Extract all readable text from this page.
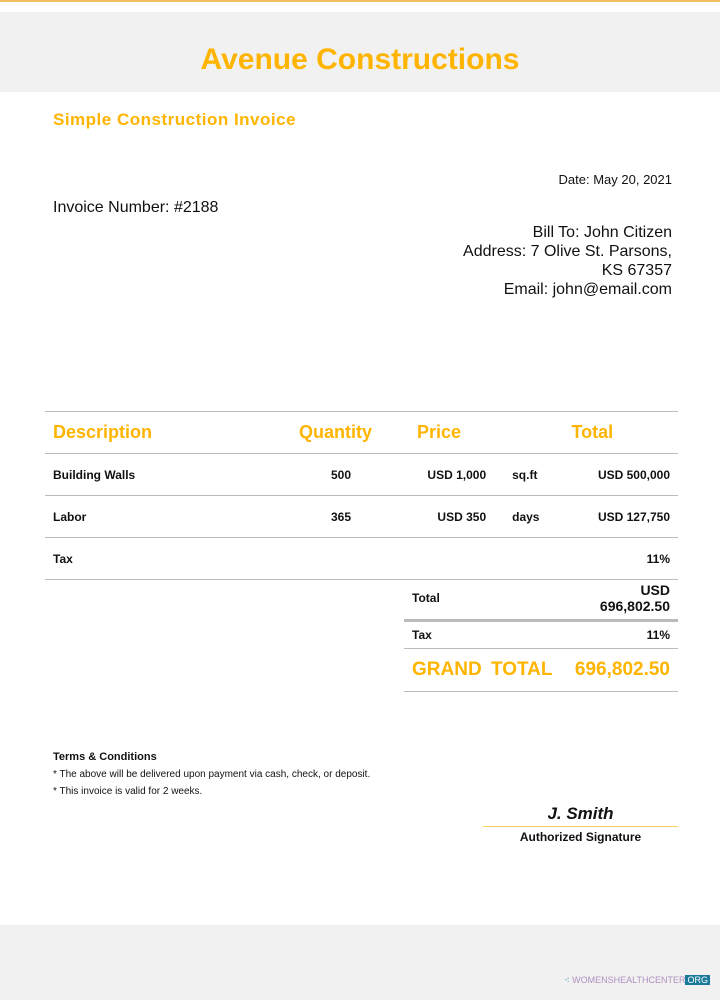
Avenue Constructions
Simple Construction Invoice
Date: May 20, 2021
Invoice Number: #2188
Bill To: John Citizen
Address: 7 Olive St. Parsons,
KS 67357
Email: john@email.com
Description	Quantity	Price		Total
Building Walls	500	USD 1,000	sq.ft	USD 500,000
Labor	365	USD 350	days	USD 127,750
Tax				11%
Total	USD
696,802.50

Tax	11%
GRAND TOTAL	696,802.50
Terms & Conditions
* The above will be delivered upon payment via cash, check, or deposit.
* This invoice is valid for 2 weeks.
J. Smith
Authorized Signature
⁖ WOMENSHEALTHCENTER ORG
